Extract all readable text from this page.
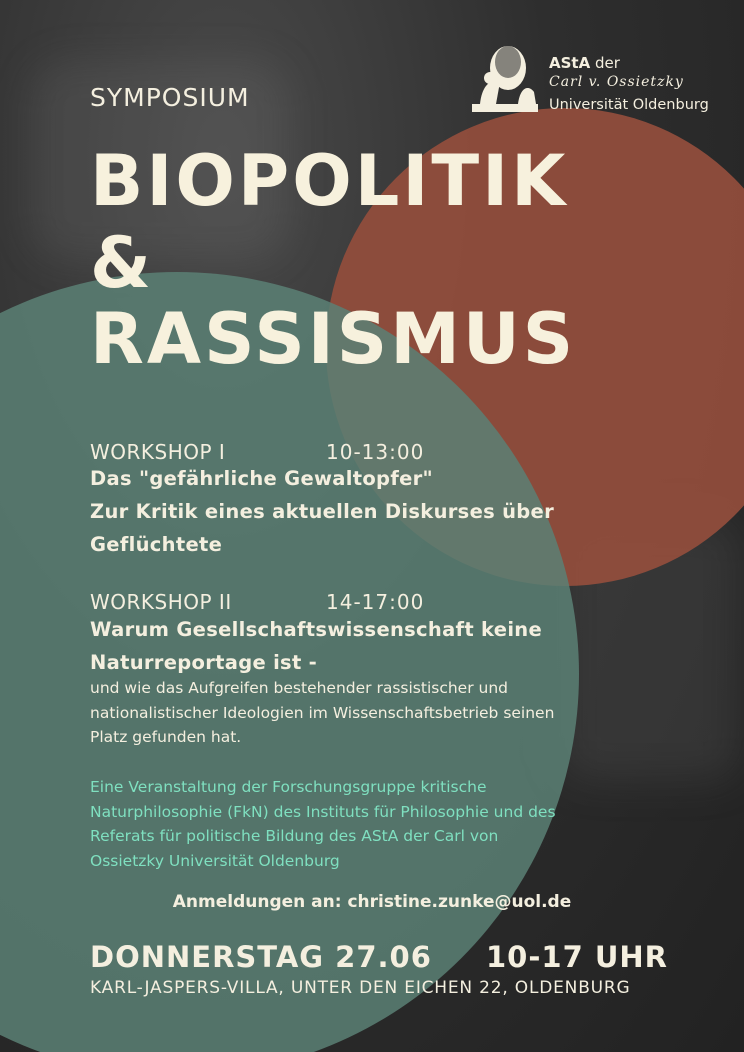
AStA der
Carl v. Ossietzky
Universität Oldenburg
SYMPOSIUM
BIOPOLITIK
&
RASSISMUS
WORKSHOP I	10-13:00
Das "gefährliche Gewaltopfer"
Zur Kritik eines aktuellen Diskurses über
Geflüchtete
WORKSHOP II	14-17:00
Warum Gesellschaftswissenschaft keine
Naturreportage ist -
und wie das Aufgreifen bestehender rassistischer und
nationalistischer Ideologien im Wissenschaftsbetrieb seinen
Platz gefunden hat.
Eine Veranstaltung der Forschungsgruppe kritische
Naturphilosophie (FkN) des Instituts für Philosophie und des
Referats für politische Bildung des AStA der Carl von
Ossietzky Universität Oldenburg
Anmeldungen an: christine.zunke@uol.de
DONNERSTAG 27.06 10-17 UHR
KARL-JASPERS-VILLA, UNTER DEN EICHEN 22, OLDENBURG
